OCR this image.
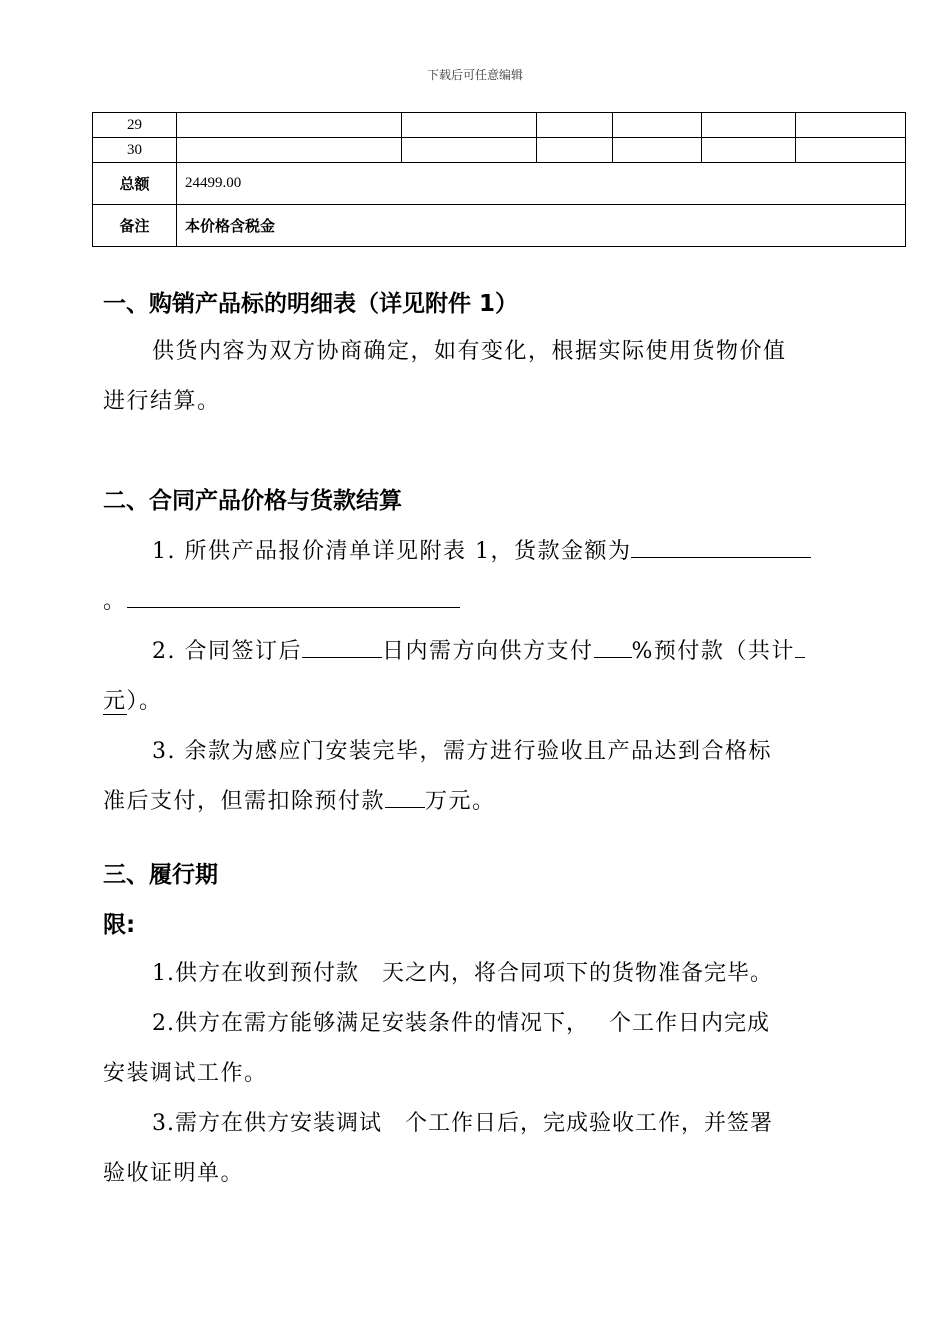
下载后可任意编辑
29						
30						
总额	24499.00					
备注	本价格含税金					
一、购销产品标的明细表（详见附件 1）
供货内容为双方协商确定，如有变化，根据实际使用货物价值
进行结算。
二、合同产品价格与货款结算
1. 所供产品报价清单详见附表 1，货款金额为
。
2. 合同签订后	日内需方向供方支付 %预付款（共计
元）。
3. 余款为感应门安装完毕，需方进行验收且产品达到合格标
准后支付，但需扣除预付款 万元。
三、履行期
限:
1.供方在收到预付款　天之内，将合同项下的货物准备完毕。
2.供方在需方能够满足安装条件的情况下，　 个工作日内完成
安装调试工作。
3.需方在供方安装调试　个工作日后，完成验收工作，并签署
验收证明单。
